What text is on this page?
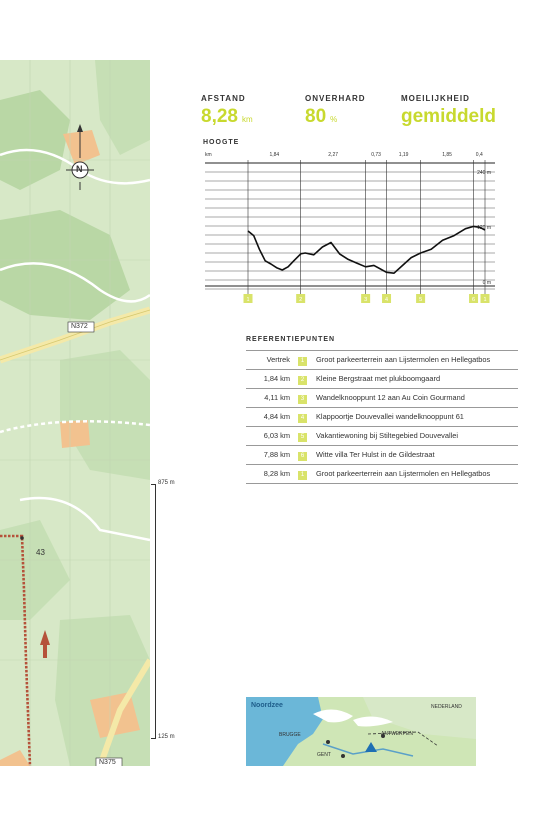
N
N372
N375
43
875 m
125 m
AFSTAND
8,28 km
ONVERHARD
80 %
MOEILIJKHEID
gemiddeld
HOOGTE
km
1	2	3	4	5	6 1
1,84	2,27	0,73	1,19	1,85	0,4
240 m
120 m
0 m
REFERENTIEPUNTEN
Vertrek	1	Groot parkeerterrein aan Lijstermolen en Hellegatbos
1,84 km	2	Kleine Bergstraat met plukboomgaard
4,11 km	3	Wandelknooppunt 12 aan Au Coin Gourmand
4,84 km	4	Klappoortje Douvevallei wandelknooppunt 61
6,03 km	5	Vakantiewoning bij Stiltegebied Douvevallei
7,88 km	6	Witte villa Ter Hulst in de Gildestraat
8,28 km	1	Groot parkeerterrein aan Lijstermolen en Hellegatbos
Noordzee	NEDERLAND
BRUGGE	ANTWERPEN
GENT
